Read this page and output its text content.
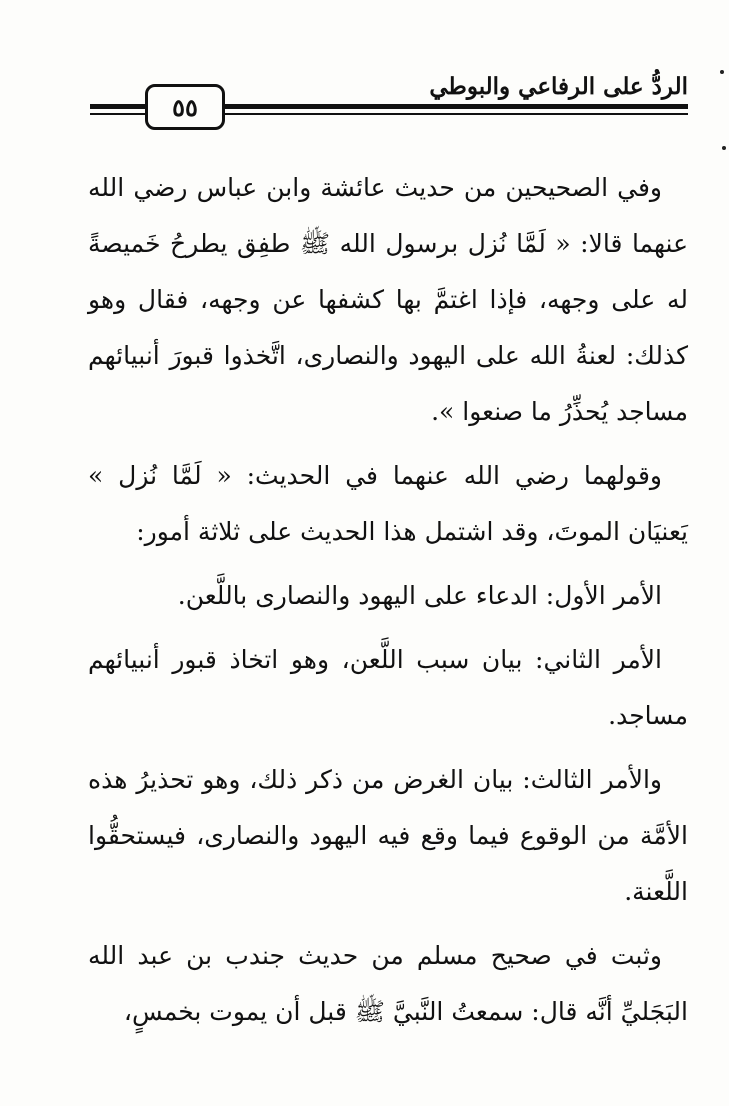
الردُّ على الرفاعي والبوطي
٥٥

وفي الصحيحين من حديث عائشة وابن عباس رضي الله عنهما قالا: « لَمَّا نُزل برسول الله ﷺ طفِق يطرحُ خَميصةً له على وجهه، فإذا اغتمَّ بها كشفها عن وجهه، فقال وهو كذلك: لعنةُ الله على اليهود والنصارى، اتَّخذوا قبورَ أنبيائهم مساجد يُحذِّرُ ما صنعوا ».

وقولهما رضي الله عنهما في الحديث: « لَمَّا نُزل » يَعنيَان الموتَ، وقد اشتمل هذا الحديث على ثلاثة أمور:

الأمر الأول: الدعاء على اليهود والنصارى باللَّعن.

الأمر الثاني: بيان سبب اللَّعن، وهو اتخاذ قبور أنبيائهم مساجد.

والأمر الثالث: بيان الغرض من ذكر ذلك، وهو تحذيرُ هذه الأمَّة من الوقوع فيما وقع فيه اليهود والنصارى، فيستحقُّوا اللَّعنة.

وثبت في صحيح مسلم من حديث جندب بن عبد الله البَجَليِّ أنَّه قال: سمعتُ النَّبيَّ ﷺ قبل أن يموت بخمسٍ،
